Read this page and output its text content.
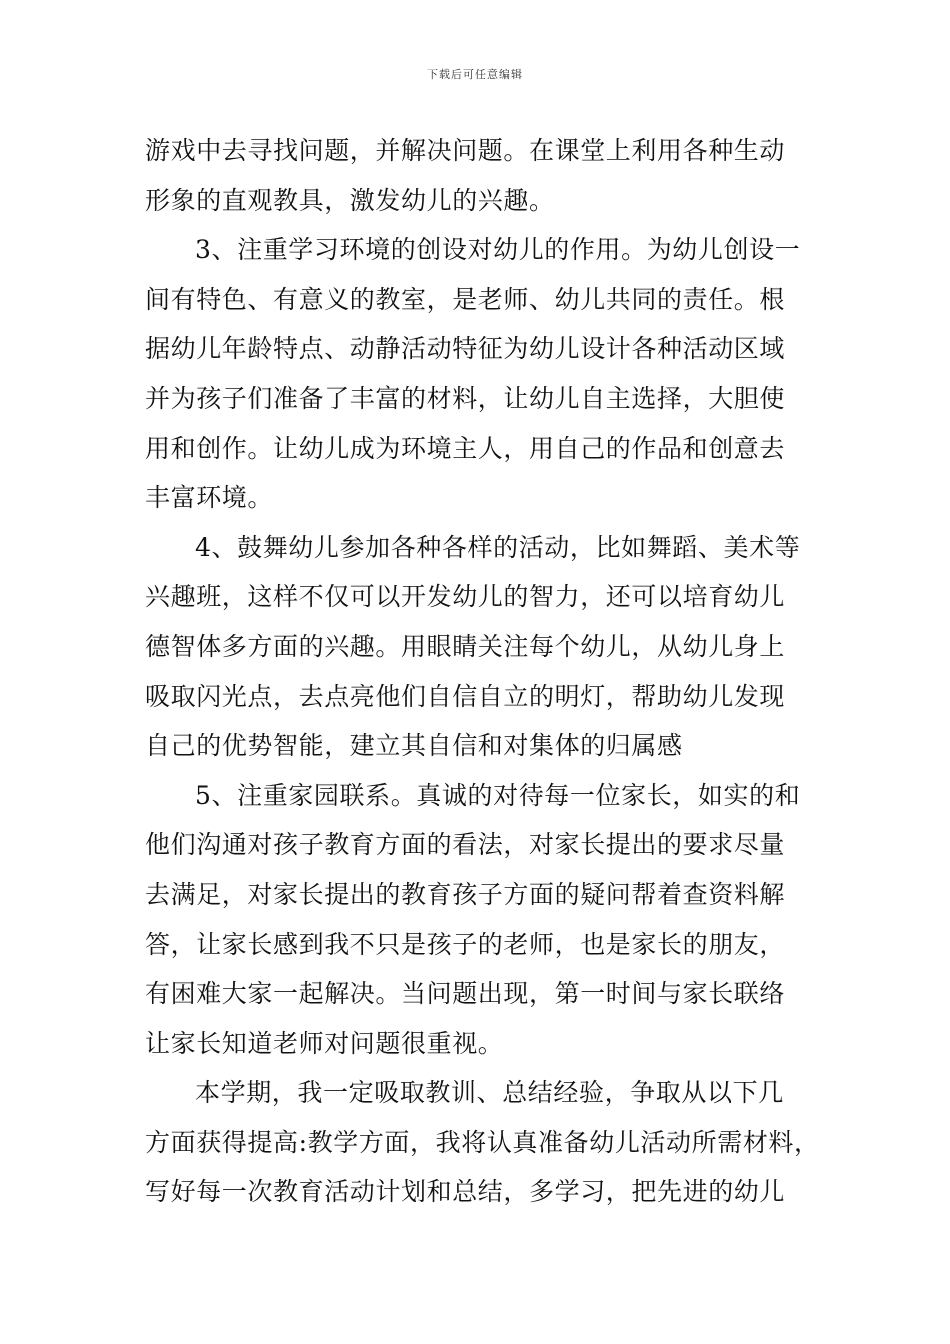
下载后可任意编辑
游戏中去寻找问题，并解决问题。在课堂上利用各种生动
形象的直观教具，激发幼儿的兴趣。
3、注重学习环境的创设对幼儿的作用。为幼儿创设一
间有特色、有意义的教室，是老师、幼儿共同的责任。根
据幼儿年龄特点、动静活动特征为幼儿设计各种活动区域
并为孩子们准备了丰富的材料，让幼儿自主选择，大胆使
用和创作。让幼儿成为环境主人，用自己的作品和创意去
丰富环境。
4、鼓舞幼儿参加各种各样的活动，比如舞蹈、美术等
兴趣班，这样不仅可以开发幼儿的智力，还可以培育幼儿
德智体多方面的兴趣。用眼睛关注每个幼儿，从幼儿身上
吸取闪光点，去点亮他们自信自立的明灯，帮助幼儿发现
自己的优势智能，建立其自信和对集体的归属感
5、注重家园联系。真诚的对待每一位家长，如实的和
他们沟通对孩子教育方面的看法，对家长提出的要求尽量
去满足，对家长提出的教育孩子方面的疑问帮着查资料解
答，让家长感到我不只是孩子的老师，也是家长的朋友，
有困难大家一起解决。当问题出现，第一时间与家长联络
让家长知道老师对问题很重视。
本学期，我一定吸取教训、总结经验，争取从以下几
方面获得提高:教学方面，我将认真准备幼儿活动所需材料，
写好每一次教育活动计划和总结，多学习，把先进的幼儿
